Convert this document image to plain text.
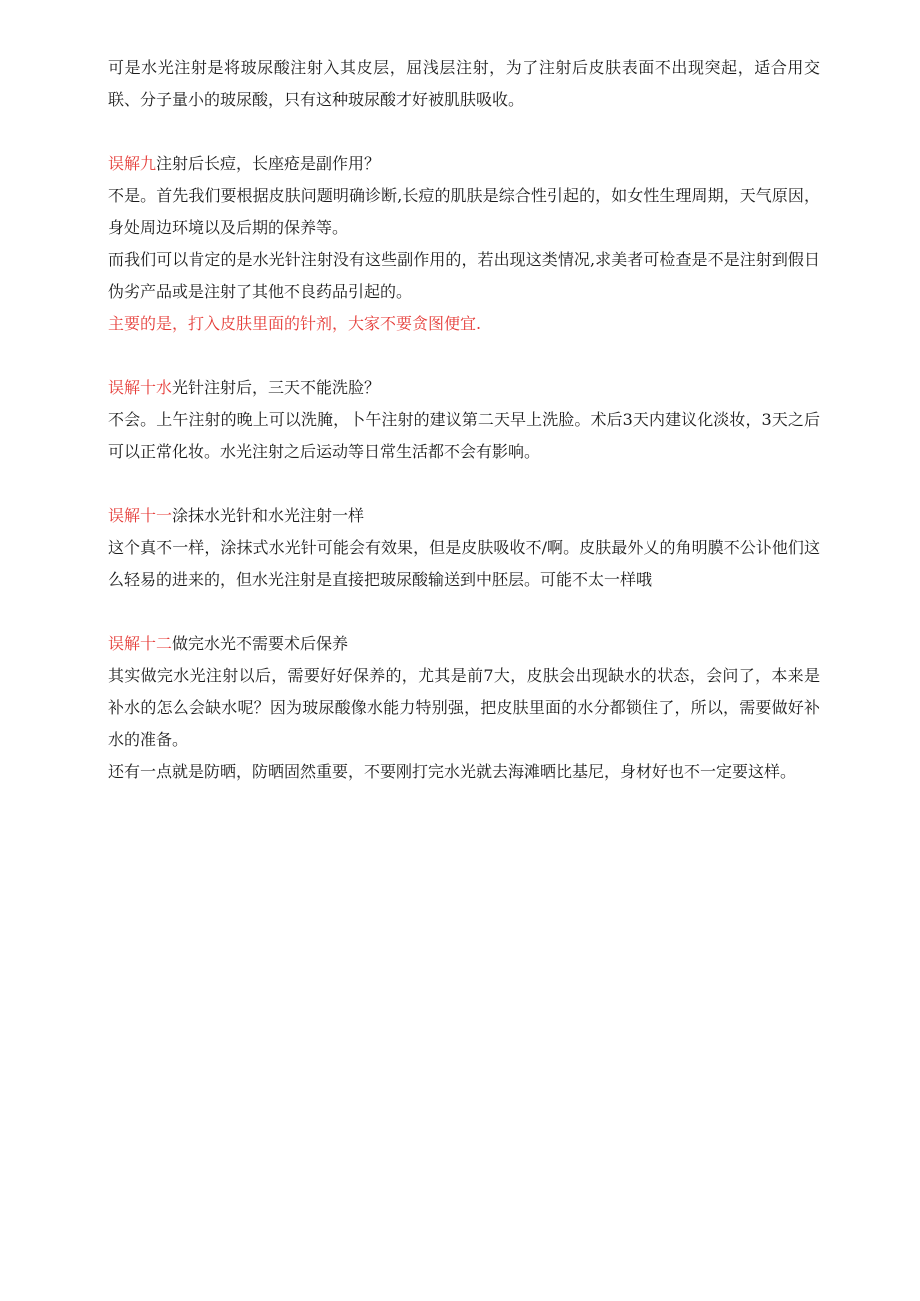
可是水光注射是将玻尿酸注射入其皮层，屈浅层注射，为了注射后皮肤表面不出现突起，适合用交联、分子量小的玻尿酸，只有这种玻尿酸才好被肌肤吸收。

误解九注射后长痘，长座疮是副作用？

不是。首先我们要根据皮肤问题明确诊断,长痘的肌肤是综合性引起的，如女性生理周期，天气原因，身处周边环境以及后期的保养等。

而我们可以肯定的是水光针注射没有这些副作用的，若出现这类情况,求美者可检查是不是注射到假日伪劣产品或是注射了其他不良药品引起的。

主要的是，打入皮肤里面的针剂，大家不要贪图便宜.

误解十水光针注射后，三天不能洗脸？

不会。上午注射的晚上可以洗腌，卜午注射的建议第二天早上洗脸。术后3天内建议化淡妆，3天之后可以正常化妆。水光注射之后运动等日常生活都不会有影响。

误解十一涂抹水光针和水光注射一样

这个真不一样，涂抹式水光针可能会有效果，但是皮肤吸收不/啊。皮肤最外乂的角明膜不公讣他们这么轻易的进来的，但水光注射是直接把玻尿酸输送到中胚层。可能不太一样哦

误解十二做完水光不需要术后保养

其实做完水光注射以后，需要好好保养的，尤其是前7大，皮肤会出现缺水的状态，会问了，本来是补水的怎么会缺水呢？因为玻尿酸像水能力特别强，把皮肤里面的水分都锁住了，所以，需要做好补水的准备。

还有一点就是防晒，防晒固然重要，不要刚打完水光就去海滩晒比基尼，身材好也不一定要这样。
